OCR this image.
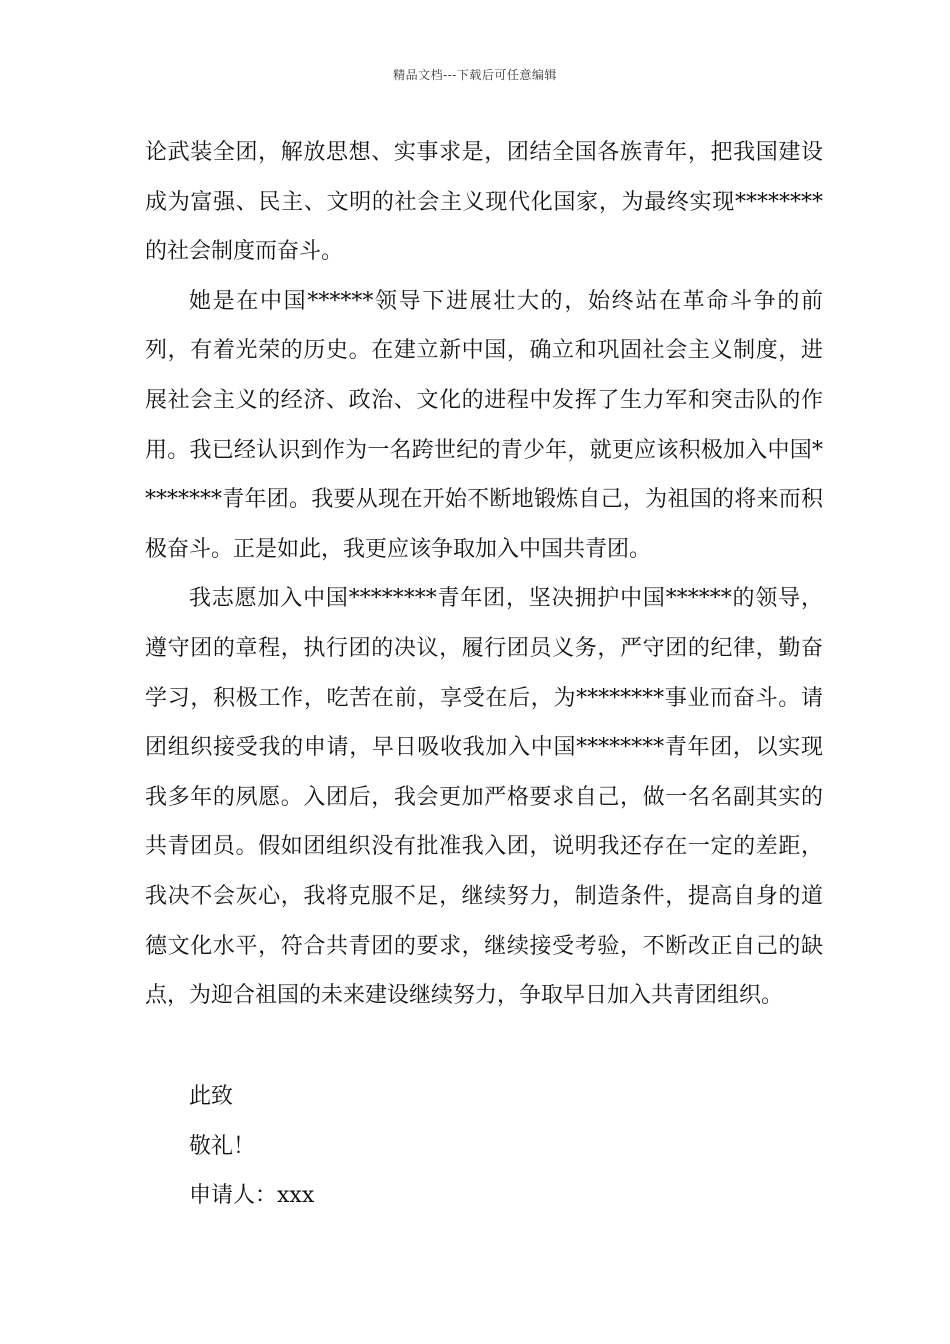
精品文档---下载后可任意编辑

论武装全团，解放思想、实事求是，团结全国各族青年，把我国建设成为富强、民主、文明的社会主义现代化国家，为最终实现********的社会制度而奋斗。

她是在中国******领导下进展壮大的，始终站在革命斗争的前列，有着光荣的历史。在建立新中国，确立和巩固社会主义制度，进展社会主义的经济、政治、文化的进程中发挥了生力军和突击队的作用。我已经认识到作为一名跨世纪的青少年，就更应该积极加入中国********青年团。我要从现在开始不断地锻炼自己，为祖国的将来而积极奋斗。正是如此，我更应该争取加入中国共青团。

我志愿加入中国********青年团，坚决拥护中国******的领导，遵守团的章程，执行团的决议，履行团员义务，严守团的纪律，勤奋学习，积极工作，吃苦在前，享受在后，为********事业而奋斗。请团组织接受我的申请，早日吸收我加入中国********青年团，以实现我多年的夙愿。入团后，我会更加严格要求自己，做一名名副其实的共青团员。假如团组织没有批准我入团，说明我还存在一定的差距，我决不会灰心，我将克服不足，继续努力，制造条件，提高自身的道德文化水平，符合共青团的要求，继续接受考验，不断改正自己的缺点，为迎合祖国的未来建设继续努力，争取早日加入共青团组织。

此致
敬礼！
申请人：xxx
